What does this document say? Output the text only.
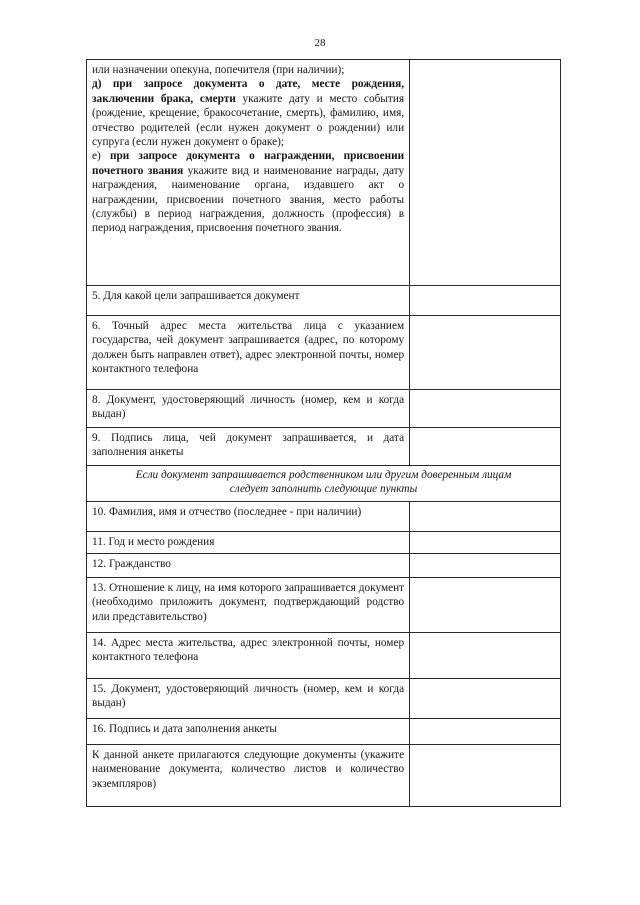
28
или назначении опекуна, попечителя (при наличии);
д) при запросе документа о дате, месте рождения, заключении брака, смерти укажите дату и место события (рождение, крещение, бракосочетание, смерть), фамилию, имя, отчество родителей (если нужен документ о рождении) или супруга (если нужен документ о браке);
е) при запросе документа о награждении, присвоении почетного звания укажите вид и наименование награды, дату награждения, наименование органа, издавшего акт о награждении, присвоении почетного звания, место работы (службы) в период награждения, должность (профессия) в период награждения, присвоения почетного звания.	

5. Для какой цели запрашивается документ	
6. Точный адрес места жительства лица с указанием государства, чей документ запрашивается (адрес, по которому должен быть направлен ответ), адрес электронной почты, номер контактного телефона	
8. Документ, удостоверяющий личность (номер, кем и когда выдан)	
9. Подпись лица, чей документ запрашивается, и дата заполнения анкеты	

Если документ запрашивается родственником или другим доверенным лицам
следует заполнить следующие пункты	

10. Фамилия, имя и отчество (последнее - при наличии)	
11. Год и место рождения	
12. Гражданство	
13. Отношение к лицу, на имя которого запрашивается документ (необходимо приложить документ, подтверждающий родство или представительство)	
14. Адрес места жительства, адрес электронной почты, номер контактного телефона	
15. Документ, удостоверяющий личность (номер, кем и когда выдан)	
16. Подпись и дата заполнения анкеты	
К данной анкете прилагаются следующие документы (укажите наименование документа, количество листов и количество экземпляров)	
